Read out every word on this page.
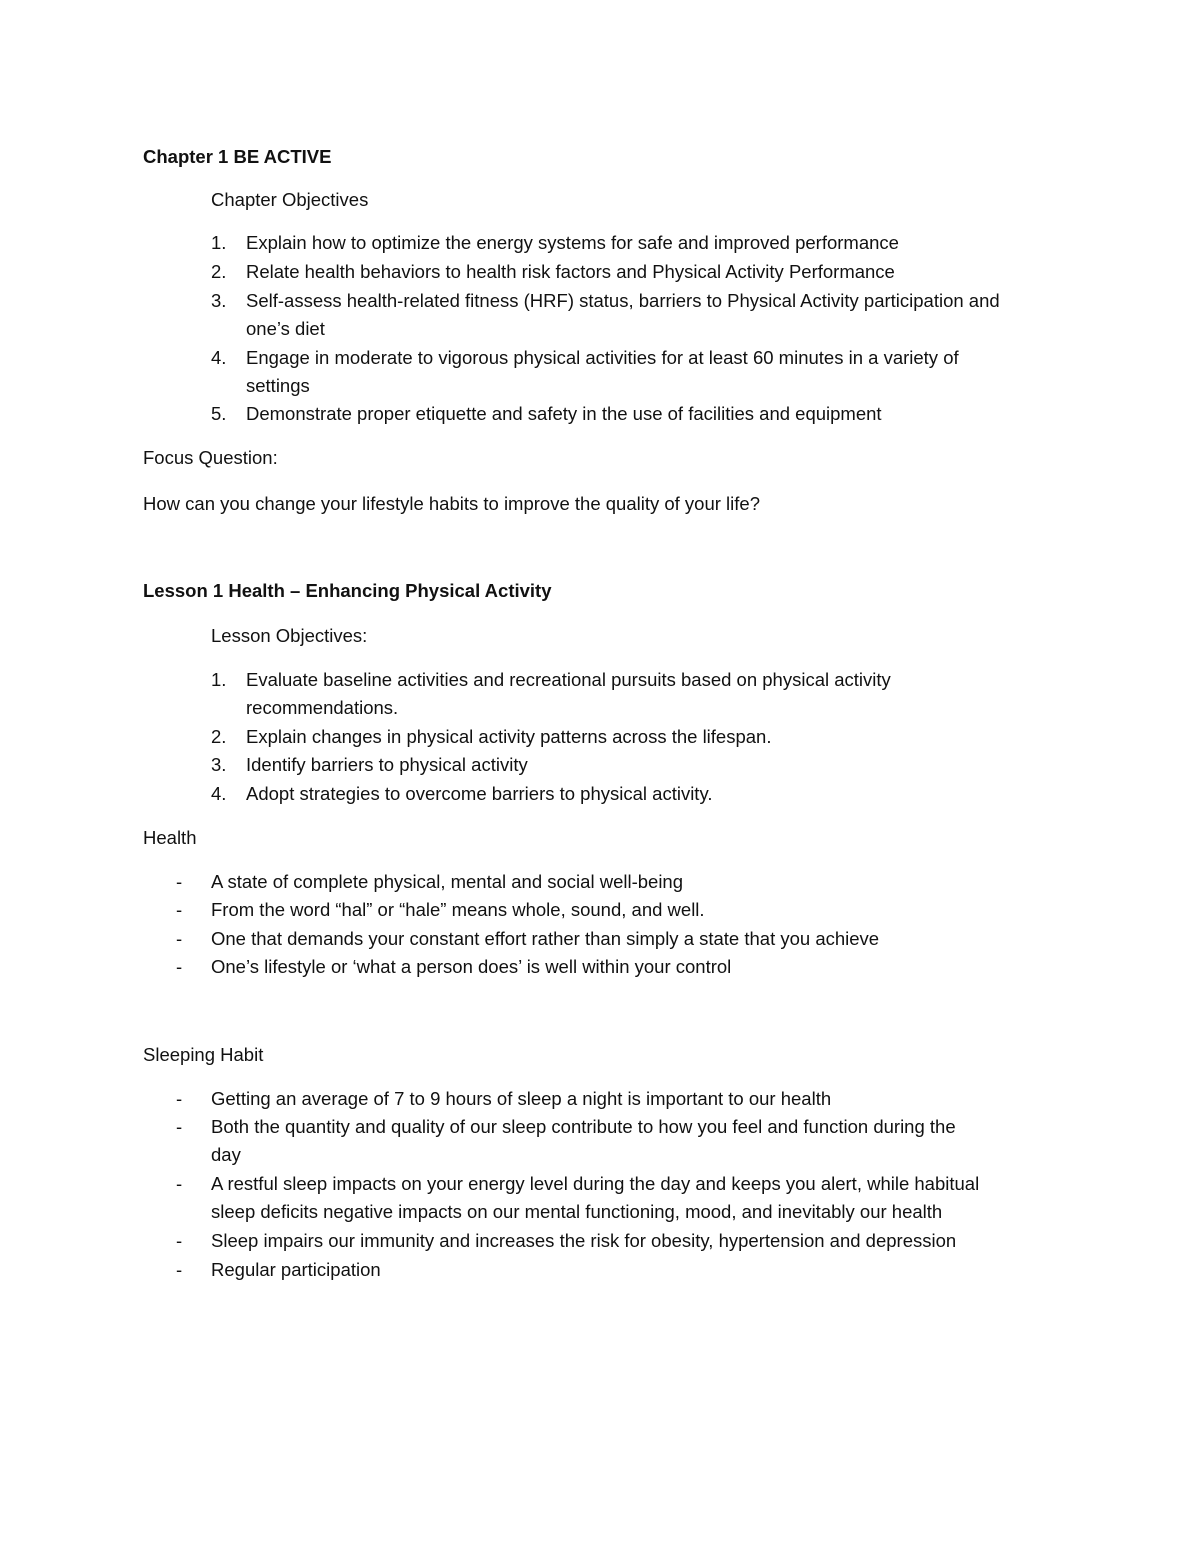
Chapter 1 BE ACTIVE
Chapter Objectives
1. Explain how to optimize the energy systems for safe and improved performance
2. Relate health behaviors to health risk factors and Physical Activity Performance
3. Self-assess health-related fitness (HRF) status, barriers to Physical Activity participation and
one’s diet
4. Engage in moderate to vigorous physical activities for at least 60 minutes in a variety of
settings
5. Demonstrate proper etiquette and safety in the use of facilities and equipment
Focus Question:
How can you change your lifestyle habits to improve the quality of your life?
Lesson 1 Health – Enhancing Physical Activity
Lesson Objectives:
1. Evaluate baseline activities and recreational pursuits based on physical activity
recommendations.
2. Explain changes in physical activity patterns across the lifespan.
3. Identify barriers to physical activity
4. Adopt strategies to overcome barriers to physical activity.
Health
- A state of complete physical, mental and social well-being
- From the word “hal” or “hale” means whole, sound, and well.
- One that demands your constant effort rather than simply a state that you achieve
- One’s lifestyle or ‘what a person does’ is well within your control
Sleeping Habit
- Getting an average of 7 to 9 hours of sleep a night is important to our health
- Both the quantity and quality of our sleep contribute to how you feel and function during the
day
- A restful sleep impacts on your energy level during the day and keeps you alert, while habitual
sleep deficits negative impacts on our mental functioning, mood, and inevitably our health
- Sleep impairs our immunity and increases the risk for obesity, hypertension and depression
- Regular participation
